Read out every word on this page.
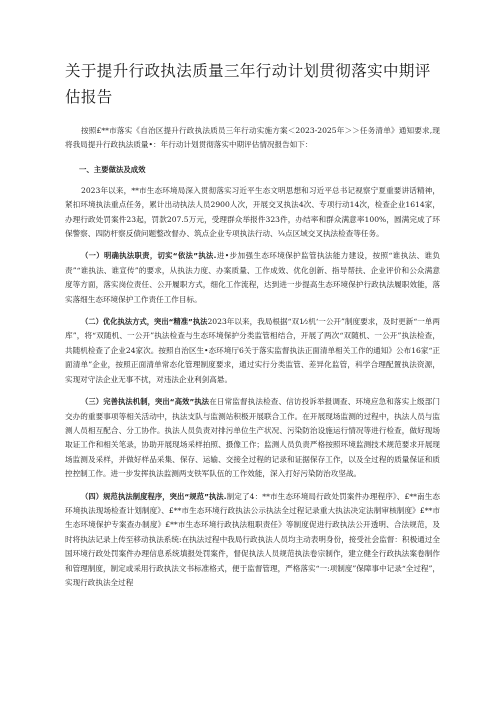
关于提升行政执法质量三年行动计划贯彻落实中期评估报告

按照£**市落实《自治区提升行政执法质员三年行动实施方案＜2023-2025年＞＞任务清单》通知要求,现将我局提升行政执法质量•：年行动计划贯彻落实中期评估情况报告如下：

一、主要做法及成效

2023年以来，**市生态环境局深入贯彻落实习近平生态文明思想和习近平总书记视察宁夏重要讲话精神，紧扣环境执法重点任务，累计出动执法人员2900人次，开展交叉执法4次、专项行动14次，检查企业1614家，办理行政处罚案件23起，罚款207.5万元，受理群众举报件323件，办结率和群众满意率100%，圆满完成了环保警察、四防杆察反债问题整改督办、筑点企业专项执法行动、¼点区域交叉执法检查等任务。

（一）明确执法职责，切实“依法”执法.进•步加强生态环境保护监管执法能力建设，按照“谁执法、谁负责”“谁执法、谁宣传”的要求，从执法力度、办案质量、工作成效、优化创新、指导帮扶、企业评价和公众满意度等方面，落实岗位责任、公开履职方式，细化工作流程，达到进一步提高生态环境保护行政执法履职效能，落实落细生态环境保护工作责任工作目标。

（二）优化执法方式，突出“精准”执法2023年以来，我局根据“双1⁄₂机‘一公开”制度要求，及时更新“一单两库”，将“双随机、一公开”执法检查与生态环境保护分类监管相结合，开展了两次“双随机、一公开”执法检查，共随机检查了企业24家次。按照自治区生•态环境厅6关于落实监督执法正面清单相关工作的通知》公布16家“正面清单”企业，按照正面清单常态化管理制度要求，通过实行分类监管、差异化监管，科学合理配置执法资源，实现对守法企业无事不扰，对违法企业利剑高悬。

（三）完善执法机制，突出“高效”执法在日常监督执法检查、信访投诉举报调查、环境应急和落实上级部门交办的重要事项等相关活动中，执法支队与监测站积极开展联合工作。在开展现场监测的过程中，执法人员与监测人员相互配合、分工协作。执法人员负责对排污单位生产状况、污染防治设施运行情况等进行检查，做好现场取证工作和相关笔录，协助开展现场采样拍照、摄像工作；监测人员负责严格按照环境监测技术规范要求开展现场监测及采样，并做好样品采集、保存、运输、交接全过程的记录和证据保存工作，以及全过程的质量保证和质控控制工作。进一步发挥执法监测两支铁军队伍的工作效能，深入打好污染防治攻坚战。

（四）规范执法制度程序，突出“规范”执法.制定了4：**市生态环境局行政处罚案件办理程序》、£**南生态环境执法现场检查计划制度》、£**市生态环境行政执法公示执法全过程记录重大执法决定法制审核制度》£**市生态环境保护专案查办制度》£**市生态环境行政执法粗职责任》等制度促进行政执法公开透明、合法规范，及时将执法记录上传至移动执法系统:在执法过程中我局行政执法人员均主动表明身份，接受社会监督：积极通过全国环境行政处罚案件办理信息系统填报处罚案件，督促执法人员规范执法卷宗制作，建立健全行政执法案卷制作和管理制度，制定或采用行政执法文书标准格式，便于监督管理，严格落实“一:项制度”保障事中记录“全过程”，实现行政执法全过程
